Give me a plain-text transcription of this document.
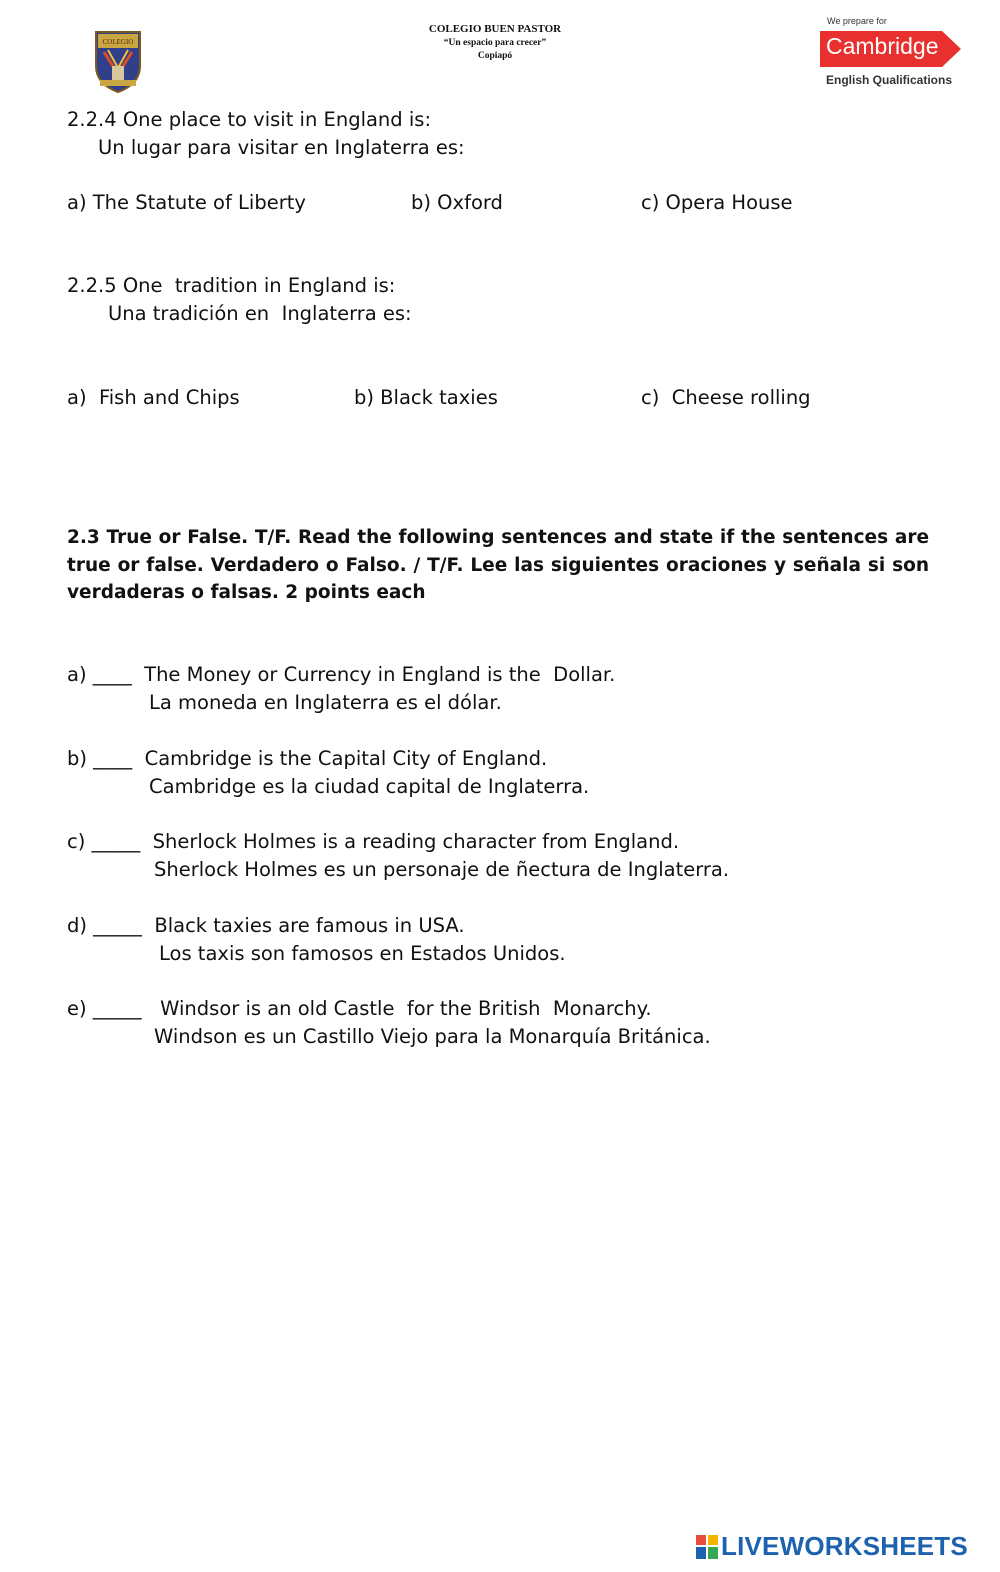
COLEGIO
COLEGIO BUEN PASTOR
“Un espacio para crecer”
Copiapó
We prepare for
Cambridge
English Qualifications
2.2.4 One place to visit in England is:
Un lugar para visitar en Inglaterra es:
a) The Statute of Liberty	b) Oxford	c) Opera House
2.2.5 One  tradition in England is:
Una tradición en  Inglaterra es:
a)  Fish and Chips	b) Black taxies	c)  Cheese rolling
2.3 True or False. T/F. Read the following sentences and state if the sentences are true or false. Verdadero o Falso. / T/F. Lee las siguientes oraciones y señala si son verdaderas o falsas. 2 points each
a) ____  The Money or Currency in England is the  Dollar.
La moneda en Inglaterra es el dólar.
b) ____  Cambridge is the Capital City of England.
Cambridge es la ciudad capital de Inglaterra.
c) _____  Sherlock Holmes is a reading character from England.
Sherlock Holmes es un personaje de ñectura de Inglaterra.
d) _____  Black taxies are famous in USA.
Los taxis son famosos en Estados Unidos.
e) _____   Windsor is an old Castle  for the British  Monarchy.
Windson es un Castillo Viejo para la Monarquía Británica.
LIVEWORKSHEETS
